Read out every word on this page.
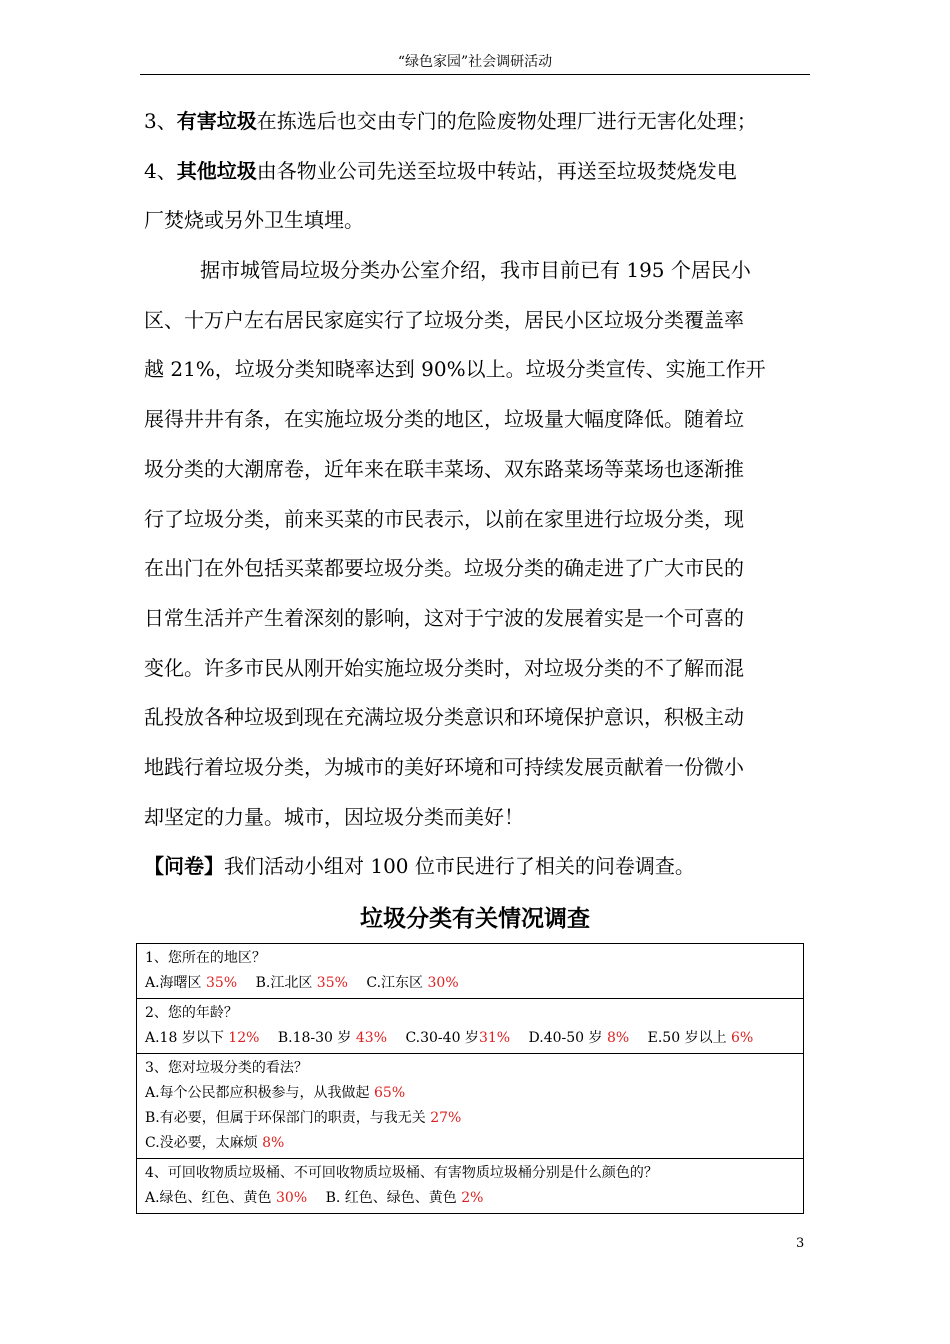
“绿色家园”社会调研活动
3、有害垃圾在拣选后也交由专门的危险废物处理厂进行无害化处理；
4、其他垃圾由各物业公司先送至垃圾中转站，再送至垃圾焚烧发电
厂焚烧或另外卫生填埋。
据市城管局垃圾分类办公室介绍，我市目前已有 195 个居民小
区、十万户左右居民家庭实行了垃圾分类，居民小区垃圾分类覆盖率
越 21%，垃圾分类知晓率达到 90%以上。垃圾分类宣传、实施工作开
展得井井有条，在实施垃圾分类的地区，垃圾量大幅度降低。随着垃
圾分类的大潮席卷，近年来在联丰菜场、双东路菜场等菜场也逐渐推
行了垃圾分类，前来买菜的市民表示，以前在家里进行垃圾分类，现
在出门在外包括买菜都要垃圾分类。垃圾分类的确走进了广大市民的
日常生活并产生着深刻的影响，这对于宁波的发展着实是一个可喜的
变化。许多市民从刚开始实施垃圾分类时，对垃圾分类的不了解而混
乱投放各种垃圾到现在充满垃圾分类意识和环境保护意识，积极主动
地践行着垃圾分类，为城市的美好环境和可持续发展贡献着一份微小
却坚定的力量。城市，因垃圾分类而美好！
【问卷】我们活动小组对 100 位市民进行了相关的问卷调查。
垃圾分类有关情况调查
1、您所在的地区？
A.海曙区 35% B.江北区 35% C.江东区 30%

2、您的年龄？
A.18 岁以下 12% B.18-30 岁 43% C.30-40 岁31% D.40-50 岁 8% E.50 岁以上 6%

3、您对垃圾分类的看法？
A.每个公民都应积极参与，从我做起 65%
B.有必要，但属于环保部门的职责，与我无关 27%
C.没必要，太麻烦 8%

4、可回收物质垃圾桶、不可回收物质垃圾桶、有害物质垃圾桶分别是什么颜色的？
A.绿色、红色、黄色 30% B. 红色、绿色、黄色 2%
3
